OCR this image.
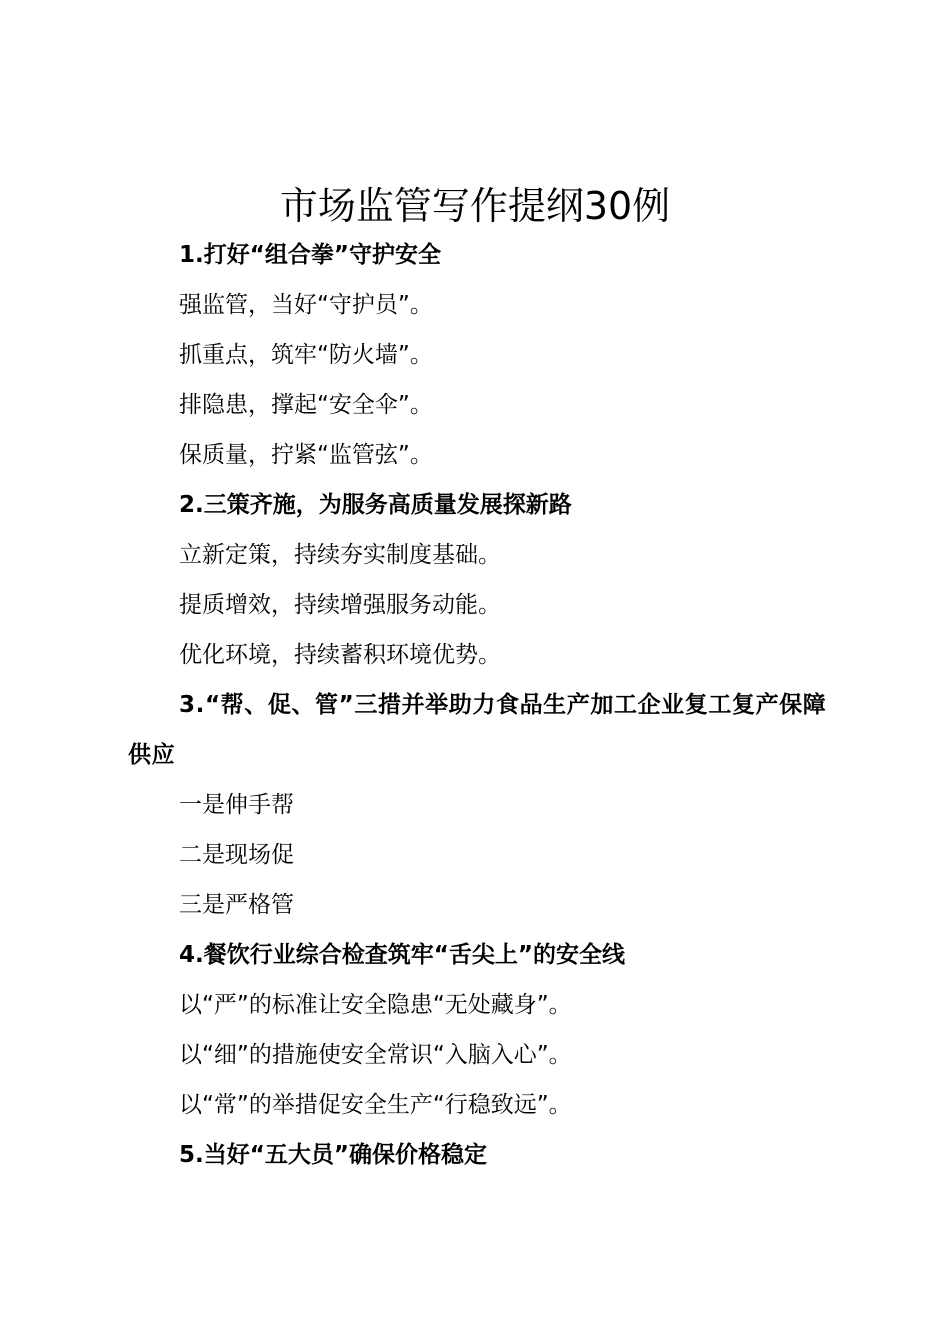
市场监管写作提纲30例
1.打好“组合拳”守护安全
强监管，当好“守护员”。
抓重点，筑牢“防火墙”。
排隐患，撑起“安全伞”。
保质量，拧紧“监管弦”。
2.三策齐施，为服务高质量发展探新路
立新定策，持续夯实制度基础。
提质增效，持续增强服务动能。
优化环境，持续蓄积环境优势。
3.“帮、促、管”三措并举助力食品生产加工企业复工复产保障供应
一是伸手帮
二是现场促
三是严格管
4.餐饮行业综合检查筑牢“舌尖上”的安全线
以“严”的标准让安全隐患“无处藏身”。
以“细”的措施使安全常识“入脑入心”。
以“常”的举措促安全生产“行稳致远”。
5.当好“五大员”确保价格稳定
